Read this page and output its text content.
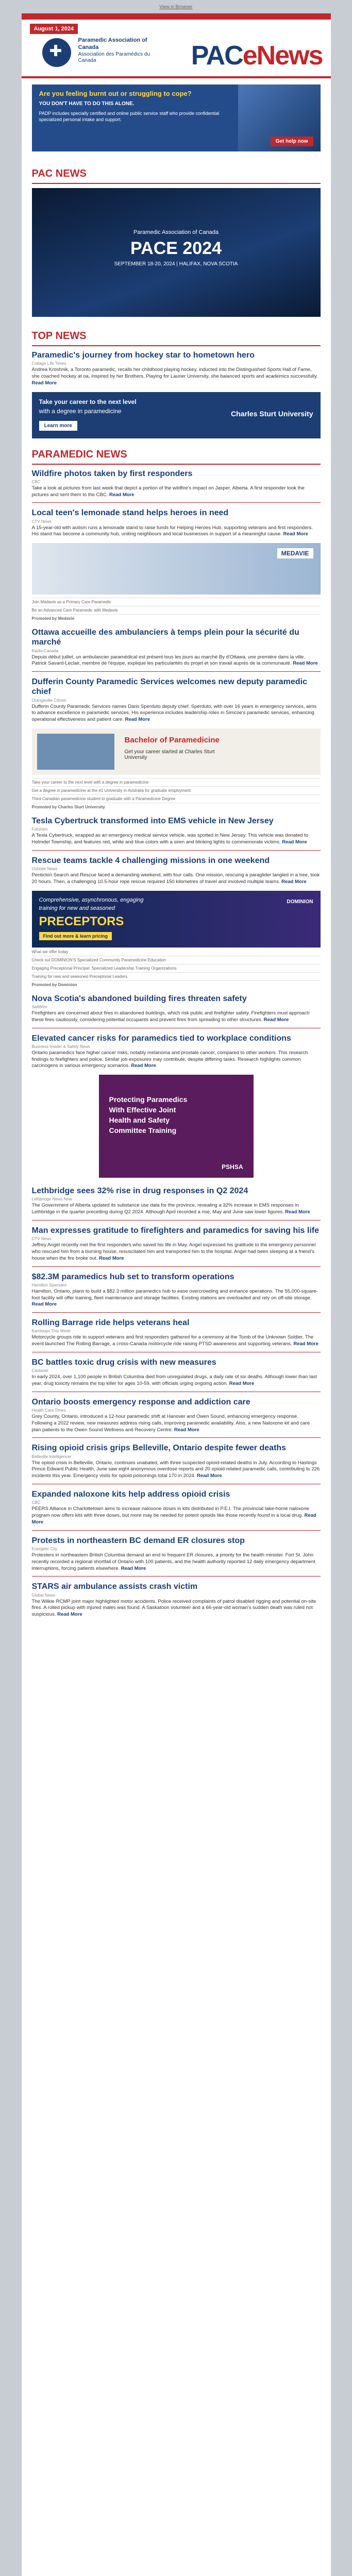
View in Browser
August 1, 2024
✚
Paramedic Association of Canada
Association des Paramédics du Canada	PACeNews
Are you feeling burnt out or struggling to cope?
YOU DON'T HAVE TO DO THIS ALONE.
PADP includes specially certified and online public service staff who provide confidential specialized personal intake and support.
Get help now
PAC NEWS
Paramedic Association of Canada
PACE 2024
SEPTEMBER 18-20, 2024 | HALIFAX, NOVA SCOTIA
TOP NEWS
Paramedic's journey from hockey star to hometown hero
Cottage Life Times
Andrea Kroshnik, a Toronto paramedic, recalls her childhood playing hockey, inducted into the Distinguished Sports Hall of Fame, she coached hockey at oa, inspired by her Brothers, Playing for Laurier University, she balanced sports and academics successfully. Read More
Take your career to the next level
with a degree in paramedicine
Learn more
Charles Sturt University
PARAMEDIC NEWS
Wildfire photos taken by first responders
CBC
Take a look at pictures from last week that depict a portion of the wildfire's impact on Jasper, Alberta. A first responder took the pictures and sent them to the CBC. Read More
Local teen's lemonade stand helps heroes in need
CTV News
A 15-year-old with autism runs a lemonade stand to raise funds for Helping Heroes Hub, supporting veterans and first responders. His stand has become a community hub, uniting neighbours and local businesses in support of a meaningful cause. Read More
MEDAVIE
Join Medavie as a Primary Care Paramedic
Be an Advanced Care Paramedic with Medavie
Promoted by Medavie
Ottawa accueille des ambulanciers à temps plein pour la sécurité du marché
Radio-Canada
Depuis début juillet, un ambulancier paramédical est présent tous les jours au marché By d'Ottawa, une première dans la ville. Patrick Savard-Leclair, membre de l'équipe, explique les particularités du projet et son travail auprès de la communauté. Read More
Dufferin County Paramedic Services welcomes new deputy paramedic chief
Orangeville Citizen
Dufferin County Paramedic Services names Daris Sperduto deputy chief. Sperduto, with over 16 years in emergency services, aims to advance excellence in paramedic services. His experience includes leadership roles in Simcoe's paramedic services, enhancing operational effectiveness and patient care. Read More
Bachelor of Paramedicine
Get your career started at Charles Sturt University
Take your career to the next level with a degree in paramedicine
Get a degree in paramedicine at the #1 University in Australia for graduate employment
Third Canadian paramedicine student to graduate with a Paramedicine Degree
Promoted by Charles Sturt University
Tesla Cybertruck transformed into EMS vehicle in New Jersey
Futurism
A Tesla Cybertruck, wrapped as an emergency medical service vehicle, was spotted in New Jersey. This vehicle was donated to Holmdel Township, and features red, white and blue colors with a siren and blinking lights to commemorate victims. Read More
Rescue teams tackle 4 challenging missions in one weekend
Outside News
Penticton Search and Rescue faced a demanding weekend, with four calls. One mission, rescuing a paraglider tangled in a tree, took 20 hours. Then, a challenging 10.5-hour rope rescue required 150 kilometres of travel and involved multiple teams. Read More
Comprehensive, asynchronous, engaging
training for new and seasoned
PRECEPTORS
Find out more & learn pricing
DOMINION
What we offer today
Check out DOMINION'S Specialized Community Paramedicine Education
Engaging Preceptorial Principal: Specialized Leadership Training Organizations
Training for new and seasoned Preceptorial Leaders
Promoted by Dominion
Nova Scotia's abandoned building fires threaten safety
SaltWire
Firefighters are concerned about fires in abandoned buildings, which risk public and firefighter safety. Firefighters must approach these fires cautiously, considering potential occupants and prevent fires from spreading to other structures. Read More
Elevated cancer risks for paramedics tied to workplace conditions
Business Insider & Safety News
Ontario paramedics face higher cancer risks, notably melanoma and prostate cancer, compared to other workers. This research findings to firefighters and police. Similar job exposures may contribute, despite differing tasks. Research highlights common carcinogens in various emergency scenarios. Read More
Protecting Paramedics
With Effective Joint
Health and Safety
Committee Training
PSHSA
Lethbridge sees 32% rise in drug responses in Q2 2024
Lethbridge News Now
The Government of Alberta updated its substance use data for the province, revealing a 32% increase in EMS responses in Lethbridge in the quarter preceding during Q2 2024. Although April recorded a rise, May and June saw lower figures. Read More
Man expresses gratitude to firefighters and paramedics for saving his life
CTV News
Jeffrey Angel recently met the first responders who saved his life in May. Angel expressed his gratitude to the emergency personnel who rescued him from a burning house, resuscitated him and transported him to the hospital. Angel had been sleeping at a friend's house when the fire broke out. Read More
$82.3M paramedics hub set to transform operations
Hamilton Spectator
Hamilton, Ontario, plans to build a $82.3 million paramedics hub to ease overcrowding and enhance operations. The 55,000-square-foot facility will offer training, fleet maintenance and storage facilities. Existing stations are overloaded and rely on off-site storage. Read More
Rolling Barrage ride helps veterans heal
Kamloops This Week
Motorcycle groups ride to support veterans and first responders gathered for a ceremony at the Tomb of the Unknown Soldier. The event launched The Rolling Barrage, a cross-Canada motorcycle ride raising PTSD awareness and supporting veterans. Read More
BC battles toxic drug crisis with new measures
Castanet
In early 2024, over 1,100 people in British Columbia died from unregulated drugs, a daily rate of six deaths. Although lower than last year, drug toxicity remains the top killer for ages 10-59, with officials urging ongoing action. Read More
Ontario boosts emergency response and addiction care
Health Care Times
Grey County, Ontario, introduced a 12-hour paramedic shift at Hanover and Owen Sound, enhancing emergency response. Following a 2022 review, new measures address rising calls, improving paramedic availability. Also, a new Naloxone kit and care plan patients to the Owen Sound Wellness and Recovery Centre. Read More
Rising opioid crisis grips Belleville, Ontario despite fewer deaths
Belleville Intelligencer
The opioid crisis in Belleville, Ontario, continues unabated, with three suspected opioid-related deaths in July. According to Hastings Prince Edward Public Health, June saw eight anonymous overdose reports and 20 opioid-related paramedic calls, contributing to 226 incidents this year. Emergency visits for opioid poisonings total 170 in 2024. Read More
Expanded naloxone kits help address opioid crisis
CBC
PEERS Alliance in Charlottetown aims to increase naloxone doses in kits distributed in P.E.I. The provincial take-home naloxone program now offers kits with three doses, but more may be needed for potent opioids like those recently found in a local drug. Read More
Protests in northeastern BC demand ER closures stop
Energetic City
Protesters in northeastern British Columbia demand an end to frequent ER closures, a priority for the health minister. Fort St. John recently recorded a regional shortfall of Ontario with 100 patients, and the health authority reported 12 daily emergency department interruptions, forcing patients elsewhere. Read More
STARS air ambulance assists crash victim
Global News
The Wilkie RCMP joint major highlighted motor accidents. Police received complaints of patrol disabled rigging and potential on-site fires. A rolled pickup with injured males was found. A Saskatoon volunteer and a 66-year-old woman's sudden death was ruled not suspicious. Read More
